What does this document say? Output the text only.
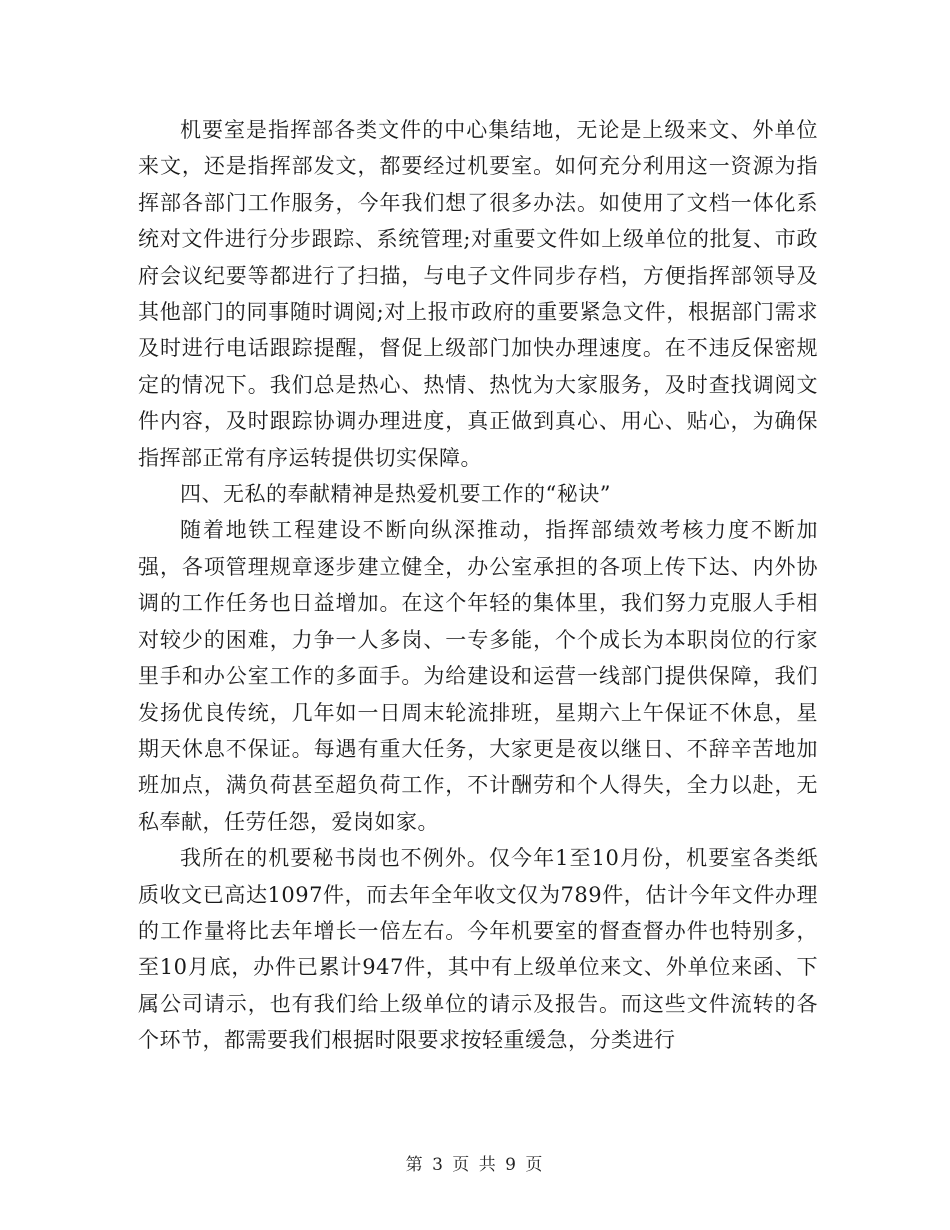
机要室是指挥部各类文件的中心集结地，无论是上级来文、外单位来文，还是指挥部发文，都要经过机要室。如何充分利用这一资源为指挥部各部门工作服务，今年我们想了很多办法。如使用了文档一体化系统对文件进行分步跟踪、系统管理;对重要文件如上级单位的批复、市政府会议纪要等都进行了扫描，与电子文件同步存档，方便指挥部领导及其他部门的同事随时调阅;对上报市政府的重要紧急文件，根据部门需求及时进行电话跟踪提醒，督促上级部门加快办理速度。在不违反保密规定的情况下。我们总是热心、热情、热忱为大家服务，及时查找调阅文件内容，及时跟踪协调办理进度，真正做到真心、用心、贴心，为确保指挥部正常有序运转提供切实保障。

四、无私的奉献精神是热爱机要工作的“秘诀”

随着地铁工程建设不断向纵深推动，指挥部绩效考核力度不断加强，各项管理规章逐步建立健全，办公室承担的各项上传下达、内外协调的工作任务也日益增加。在这个年轻的集体里，我们努力克服人手相对较少的困难，力争一人多岗、一专多能，个个成长为本职岗位的行家里手和办公室工作的多面手。为给建设和运营一线部门提供保障，我们发扬优良传统，几年如一日周末轮流排班，星期六上午保证不休息，星期天休息不保证。每遇有重大任务，大家更是夜以继日、不辞辛苦地加班加点，满负荷甚至超负荷工作，不计酬劳和个人得失，全力以赴，无私奉献，任劳任怨，爱岗如家。

我所在的机要秘书岗也不例外。仅今年1至10月份，机要室各类纸质收文已高达1097件，而去年全年收文仅为789件，估计今年文件办理的工作量将比去年增长一倍左右。今年机要室的督查督办件也特别多，至10月底，办件已累计947件，其中有上级单位来文、外单位来函、下属公司请示，也有我们给上级单位的请示及报告。而这些文件流转的各个环节，都需要我们根据时限要求按轻重缓急，分类进行

第 3 页 共 9 页
